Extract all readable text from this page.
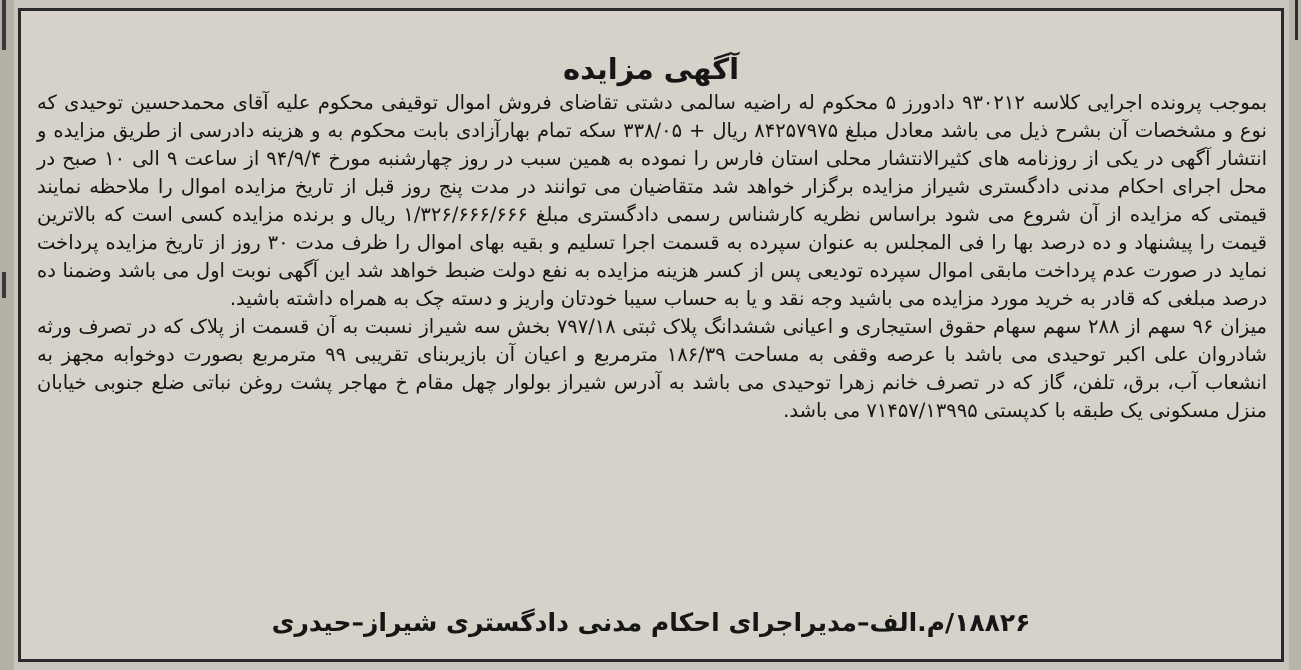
آگهی مزایده

بموجب پرونده اجرایی کلاسه ۹۳۰۲۱۲ دادورز ۵ محکوم له راضیه سالمی دشتی تقاضای فروش اموال توقیفی محکوم علیه آقای محمدحسین توحیدی که نوع و مشخصات آن بشرح ذیل می باشد معادل مبلغ ۸۴۲۵۷۹۷۵ ریال + ۳۳۸/۰۵ سکه تمام بهارآزادی بابت محکوم به و هزینه دادرسی از طریق مزایده و انتشار آگهی در یکی از روزنامه های کثیرالانتشار محلی استان فارس را نموده به همین سبب در روز چهارشنبه مورخ ۹۴/۹/۴ از ساعت ۹ الی ۱۰ صبح در محل اجرای احکام مدنی دادگستری شیراز مزایده برگزار خواهد شد متقاضیان می توانند در مدت پنج روز قبل از تاریخ مزایده اموال را ملاحظه نمایند قیمتی که مزایده از آن شروع می شود براساس نظریه کارشناس رسمی دادگستری مبلغ ۱/۳۲۶/۶۶۶/۶۶۶ ریال و برنده مزایده کسی است که بالاترین قیمت را پیشنهاد و ده درصد بها را فی المجلس به عنوان سپرده به قسمت اجرا تسلیم و بقیه بهای اموال را ظرف مدت ۳۰ روز از تاریخ مزایده پرداخت نماید در صورت عدم پرداخت مابقی اموال سپرده تودیعی پس از کسر هزینه مزایده به نفع دولت ضبط خواهد شد این آگهی نوبت اول می باشد وضمنا ده درصد مبلغی که قادر به خرید مورد مزایده می باشید وجه نقد و یا به حساب سیبا خودتان واریز و دسته چک به همراه داشته باشید.

میزان ۹۶ سهم از ۲۸۸ سهم سهام حقوق استیجاری و اعیانی ششدانگ پلاک ثبتی ۷۹۷/۱۸ بخش سه شیراز نسبت به آن قسمت از پلاک که در تصرف ورثه شادروان علی اکبر توحیدی می باشد با عرصه وقفی به مساحت ۱۸۶/۳۹ مترمربع و اعیان آن بازیربنای تقریبی ۹۹ مترمربع بصورت دوخوابه مجهز به انشعاب آب، برق، تلفن، گاز که در تصرف خانم زهرا توحیدی می باشد به آدرس شیراز بولوار چهل مقام خ مهاجر پشت روغن نباتی ضلع جنوبی خیابان منزل مسکونی یک طبقه با کدپستی ۷۱۴۵۷/۱۳۹۹۵ می باشد.

۱۸۸۲۶/م.الف–مدیراجرای احکام مدنی دادگستری شیراز–حیدری
